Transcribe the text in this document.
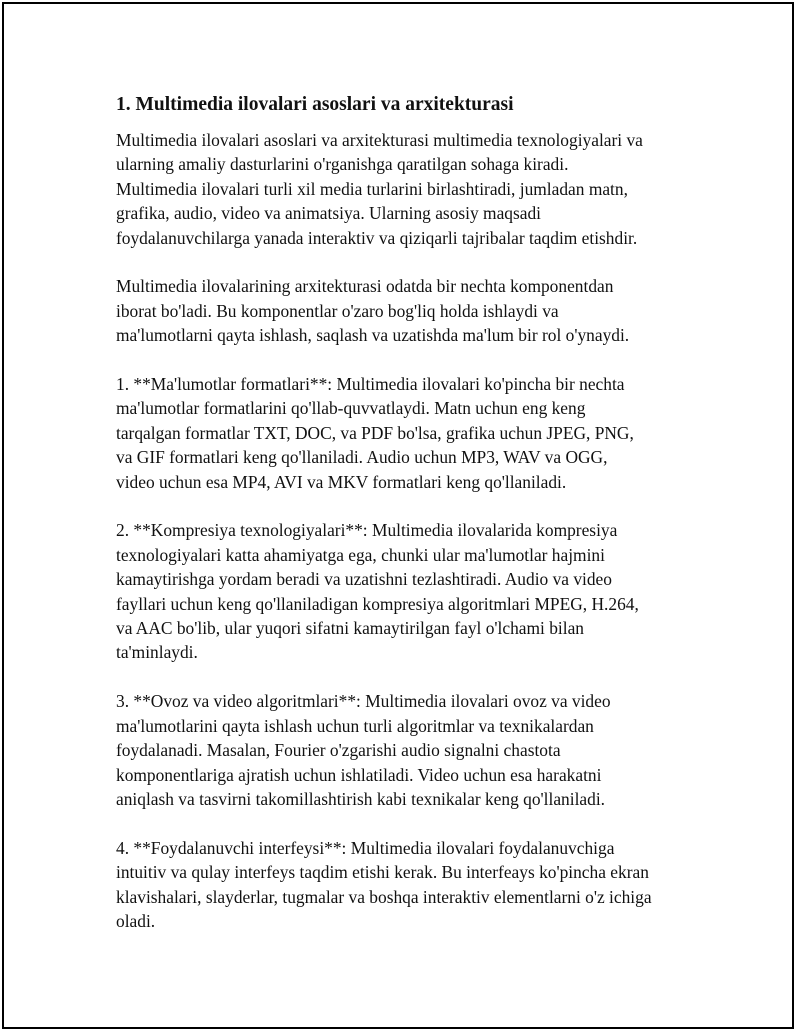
1. Multimedia ilovalari asoslari va arxitekturasi
Multimedia ilovalari asoslari va arxitekturasi multimedia texnologiyalari va
ularning amaliy dasturlarini o'rganishga qaratilgan sohaga kiradi.
Multimedia ilovalari turli xil media turlarini birlashtiradi, jumladan matn,
grafika, audio, video va animatsiya. Ularning asosiy maqsadi
foydalanuvchilarga yanada interaktiv va qiziqarli tajribalar taqdim etishdir.
Multimedia ilovalarining arxitekturasi odatda bir nechta komponentdan
iborat bo'ladi. Bu komponentlar o'zaro bog'liq holda ishlaydi va
ma'lumotlarni qayta ishlash, saqlash va uzatishda ma'lum bir rol o'ynaydi.
1. **Ma'lumotlar formatlari**: Multimedia ilovalari ko'pincha bir nechta
ma'lumotlar formatlarini qo'llab-quvvatlaydi. Matn uchun eng keng
tarqalgan formatlar TXT, DOC, va PDF bo'lsa, grafika uchun JPEG, PNG,
va GIF formatlari keng qo'llaniladi. Audio uchun MP3, WAV va OGG,
video uchun esa MP4, AVI va MKV formatlari keng qo'llaniladi.
2. **Kompresiya texnologiyalari**: Multimedia ilovalarida kompresiya
texnologiyalari katta ahamiyatga ega, chunki ular ma'lumotlar hajmini
kamaytirishga yordam beradi va uzatishni tezlashtiradi. Audio va video
fayllari uchun keng qo'llaniladigan kompresiya algoritmlari MPEG, H.264,
va AAC bo'lib, ular yuqori sifatni kamaytirilgan fayl o'lchami bilan
ta'minlaydi.
3. **Ovoz va video algoritmlari**: Multimedia ilovalari ovoz va video
ma'lumotlarini qayta ishlash uchun turli algoritmlar va texnikalardan
foydalanadi. Masalan, Fourier o'zgarishi audio signalni chastota
komponentlariga ajratish uchun ishlatiladi. Video uchun esa harakatni
aniqlash va tasvirni takomillashtirish kabi texnikalar keng qo'llaniladi.
4. **Foydalanuvchi interfeysi**: Multimedia ilovalari foydalanuvchiga
intuitiv va qulay interfeys taqdim etishi kerak. Bu interfeays ko'pincha ekran
klavishalari, slayderlar, tugmalar va boshqa interaktiv elementlarni o'z ichiga
oladi.
